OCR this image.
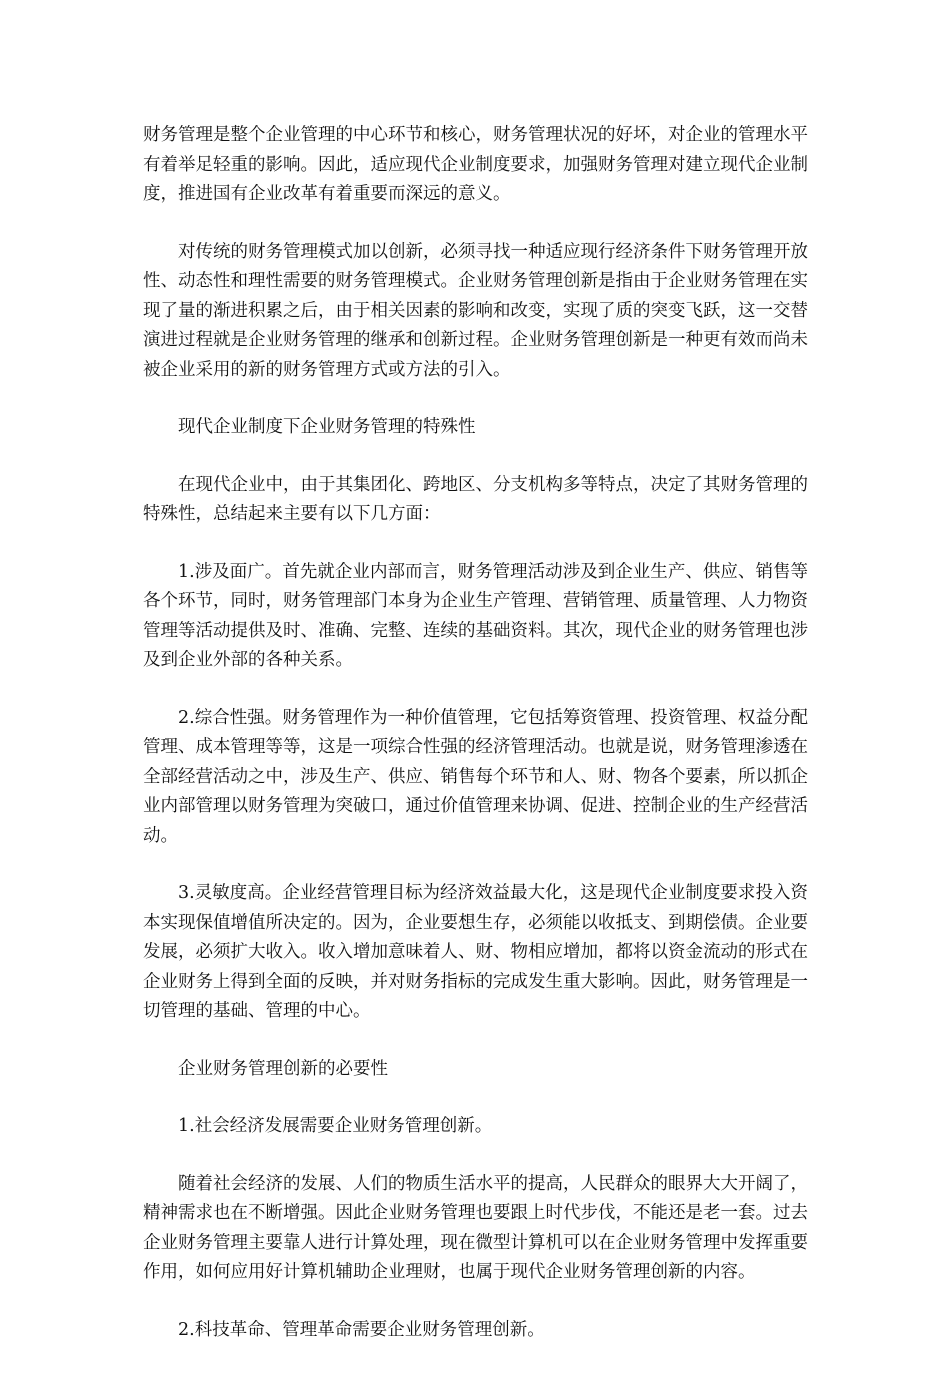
财务管理是整个企业管理的中心环节和核心，财务管理状况的好坏，对企业的管理水平有着举足轻重的影响。因此，适应现代企业制度要求，加强财务管理对建立现代企业制度，推进国有企业改革有着重要而深远的意义。

对传统的财务管理模式加以创新，必须寻找一种适应现行经济条件下财务管理开放性、动态性和理性需要的财务管理模式。企业财务管理创新是指由于企业财务管理在实现了量的渐进积累之后，由于相关因素的影响和改变，实现了质的突变飞跃，这一交替演进过程就是企业财务管理的继承和创新过程。企业财务管理创新是一种更有效而尚未被企业采用的新的财务管理方式或方法的引入。

现代企业制度下企业财务管理的特殊性

在现代企业中，由于其集团化、跨地区、分支机构多等特点，决定了其财务管理的特殊性，总结起来主要有以下几方面：

1.涉及面广。首先就企业内部而言，财务管理活动涉及到企业生产、供应、销售等各个环节，同时，财务管理部门本身为企业生产管理、营销管理、质量管理、人力物资管理等活动提供及时、准确、完整、连续的基础资料。其次，现代企业的财务管理也涉及到企业外部的各种关系。

2.综合性强。财务管理作为一种价值管理，它包括筹资管理、投资管理、权益分配管理、成本管理等等，这是一项综合性强的经济管理活动。也就是说，财务管理渗透在全部经营活动之中，涉及生产、供应、销售每个环节和人、财、物各个要素，所以抓企业内部管理以财务管理为突破口，通过价值管理来协调、促进、控制企业的生产经营活动。

3.灵敏度高。企业经营管理目标为经济效益最大化，这是现代企业制度要求投入资本实现保值增值所决定的。因为，企业要想生存，必须能以收抵支、到期偿债。企业要发展，必须扩大收入。收入增加意味着人、财、物相应增加，都将以资金流动的形式在企业财务上得到全面的反映，并对财务指标的完成发生重大影响。因此，财务管理是一切管理的基础、管理的中心。

企业财务管理创新的必要性

1.社会经济发展需要企业财务管理创新。

随着社会经济的发展、人们的物质生活水平的提高，人民群众的眼界大大开阔了，精神需求也在不断增强。因此企业财务管理也要跟上时代步伐，不能还是老一套。过去企业财务管理主要靠人进行计算处理，现在微型计算机可以在企业财务管理中发挥重要作用，如何应用好计算机辅助企业理财，也属于现代企业财务管理创新的内容。

2.科技革命、管理革命需要企业财务管理创新。
